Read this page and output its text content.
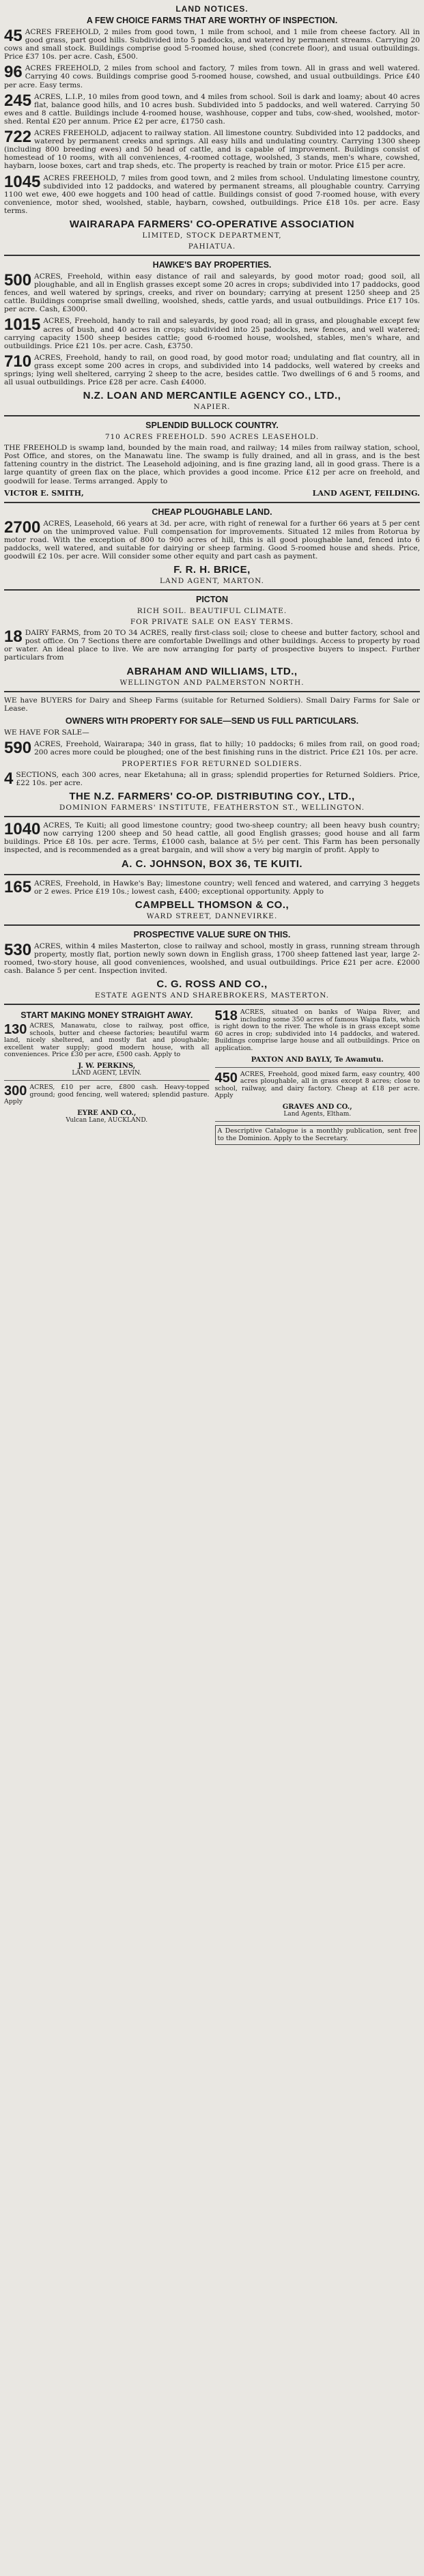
LAND NOTICES.
A FEW CHOICE FARMS THAT ARE WORTHY OF INSPECTION.

45 ACRES FREEHOLD, 2 miles from good town, 1 mile from school, and 1 mile from cheese factory. All in good grass, part good hills. Subdivided into 5 paddocks, and watered by permanent streams. Carrying 20 cows and small stock. Buildings comprise good 5-roomed house, shed (concrete floor), and usual outbuildings. Price £37 10s. per acre. Cash, £500.

96 ACRES FREEHOLD, 2 miles from school and factory, 7 miles from town. All in grass and well watered. Carrying 40 cows. Buildings comprise good 5-roomed house, cowshed, and usual outbuildings. Price £40 per acre. Easy terms.

245 ACRES, L.I.P., 10 miles from good town, and 4 miles from school. Soil is dark and loamy; about 40 acres flat, balance good hills, and 10 acres bush. Subdivided into 5 paddocks, and well watered. Carrying 50 ewes and 8 cattle. Buildings include 4-roomed house, washhouse, copper and tubs, cow-shed, woolshed, motor-shed. Rental £20 per annum. Price £2 per acre, £1750 cash.

722 ACRES FREEHOLD, adjacent to railway station. All limestone country. Subdivided into 12 paddocks, and watered by permanent creeks and springs. All easy hills and undulating country. Carrying 1300 sheep (including 800 breeding ewes) and 50 head of cattle, and is capable of improvement. Buildings consist of homestead of 10 rooms, with all conveniences, 4-roomed cottage, woolshed, 3 stands, men's whare, cowshed, haybarn, loose boxes, cart and trap sheds, etc. The property is reached by train or motor. Price £15 per acre.

1045 ACRES FREEHOLD, 7 miles from good town, and 2 miles from school. Undulating limestone country, subdivided into 12 paddocks, and watered by permanent streams, all ploughable country. Carrying 1100 wet ewe, 400 ewe hoggets and 100 head of cattle. Buildings consist of good 7-roomed house, with every convenience, motor shed, woolshed, stable, haybarn, cowshed, outbuildings. Price £18 10s. per acre. Easy terms.

WAIRARAPA FARMERS' CO-OPERATIVE ASSOCIATION
LIMITED, STOCK DEPARTMENT,
PAHIATUA.
HAWKE'S BAY PROPERTIES.

500 ACRES, Freehold, within easy distance of rail and saleyards, by good motor road; good soil, all ploughable, and all in English grasses except some 20 acres in crops; subdivided into 17 paddocks, good fences, and well watered by springs, creeks, and river on boundary; carrying at present 1250 sheep and 25 cattle. Buildings comprise small dwelling, woolshed, sheds, cattle yards, and usual outbuildings. Price £17 10s. per acre. Cash, £3000.

1015 ACRES, Freehold, handy to rail and saleyards, by good road; all in grass, and ploughable except few acres of bush, and 40 acres in crops; subdivided into 25 paddocks, new fences, and well watered; carrying capacity 1500 sheep besides cattle; good 6-roomed house, woolshed, stables, men's whare, and outbuildings. Price £21 10s. per acre. Cash, £3750.

710 ACRES, Freehold, handy to rail, on good road, by good motor road; undulating and flat country, all in grass except some 200 acres in crops, and subdivided into 14 paddocks, well watered by creeks and springs; lying well sheltered, carrying 2 sheep to the acre, besides cattle. Two dwellings of 6 and 5 rooms, and all usual outbuildings. Price £28 per acre. Cash £4000.

N.Z. LOAN AND MERCANTILE AGENCY CO., LTD.,
NAPIER.
SPLENDID BULLOCK COUNTRY.
710 ACRES FREEHOLD. 590 ACRES LEASEHOLD.

THE FREEHOLD is swamp land, bounded by the main road, and railway; 14 miles from railway station, school, Post Office, and stores, on the Manawatu line. The swamp is fully drained, and all in grass, and is the best fattening country in the district. The Leasehold adjoining, and is fine grazing land, all in good grass. There is a large quantity of green flax on the place, which provides a good income. Price £12 per acre on freehold, and goodwill for lease. Terms arranged. Apply to

VICTOR E. SMITH,	LAND AGENT, FEILDING.
CHEAP PLOUGHABLE LAND.

2700 ACRES, Leasehold, 66 years at 3d. per acre, with right of renewal for a further 66 years at 5 per cent on the unimproved value. Full compensation for improvements. Situated 12 miles from Rotorua by motor road. With the exception of 800 to 900 acres of hill, this is all good ploughable land, fenced into 6 paddocks, well watered, and suitable for dairying or sheep farming. Good 5-roomed house and sheds. Price, goodwill £2 10s. per acre. Will consider some other equity and part cash as payment.

F. R. H. BRICE,
LAND AGENT, MARTON.
PICTON
RICH SOIL. BEAUTIFUL CLIMATE.
FOR PRIVATE SALE ON EASY TERMS.

18 DAIRY FARMS, from 20 TO 34 ACRES, really first-class soil; close to cheese and butter factory, school and post office. On 7 Sections there are comfortable Dwellings and other buildings. Access to property by road or water. An ideal place to live. We are now arranging for party of prospective buyers to inspect. Further particulars from

ABRAHAM AND WILLIAMS, LTD.,
WELLINGTON AND PALMERSTON NORTH.

WE have BUYERS for Dairy and Sheep Farms (suitable for Returned Soldiers). Small Dairy Farms for Sale or Lease.

OWNERS WITH PROPERTY FOR SALE—SEND US FULL PARTICULARS.

WE HAVE FOR SALE—

590 ACRES, Freehold, Wairarapa; 340 in grass, flat to hilly; 10 paddocks; 6 miles from rail, on good road; 200 acres more could be ploughed; one of the best finishing runs in the district. Price £21 10s. per acre.

PROPERTIES FOR RETURNED SOLDIERS.

4 SECTIONS, each 300 acres, near Eketahuna; all in grass; splendid properties for Returned Soldiers. Price, £22 10s. per acre.

THE N.Z. FARMERS' CO-OP. DISTRIBUTING COY., LTD.,
DOMINION FARMERS' INSTITUTE, FEATHERSTON ST., WELLINGTON.

1040 ACRES, Te Kuiti; all good limestone country; good two-sheep country; all been heavy bush country; now carrying 1200 sheep and 50 head cattle, all good English grasses; good house and all farm buildings. Price £8 10s. per acre. Terms, £1000 cash, balance at 5½ per cent. This Farm has been personally inspected, and is recommended as a great bargain, and will show a very big margin of profit. Apply to

A. C. JOHNSON, BOX 36, TE KUITI.

165 ACRES, Freehold, in Hawke's Bay; limestone country; well fenced and watered, and carrying 3 heggets or 2 ewes. Price £19 10s.; lowest cash, £400; exceptional opportunity. Apply to

CAMPBELL THOMSON & CO.,
WARD STREET, DANNEVIRKE.
PROSPECTIVE VALUE SURE ON THIS.

530 ACRES, within 4 miles Masterton, close to railway and school, mostly in grass, running stream through property, mostly flat, portion newly sown down in English grass, 1700 sheep fattened last year, large 2-roomed, two-story house, all good conveniences, woolshed, and usual outbuildings. Price £21 per acre. £2000 cash. Balance 5 per cent. Inspection invited.

C. G. ROSS AND CO.,
ESTATE AGENTS AND SHAREBROKERS, MASTERTON.
START MAKING MONEY STRAIGHT AWAY.

130 ACRES, Manawatu, close to railway, post office, schools, butter and cheese factories; beautiful warm land, nicely sheltered, and mostly flat and ploughable; excellent water supply; good modern house, with all conveniences. Price £30 per acre, £500 cash. Apply to

J. W. PERKINS,
LAND AGENT, LEVIN.

300 ACRES, £10 per acre, £800 cash. Heavy-topped ground; good fencing, well watered; splendid pasture. Apply

EYRE AND CO.,
Vulcan Lane, AUCKLAND.

518 ACRES, situated on banks of Waipa River, and including some 350 acres of famous Waipa flats, which is right down to the river. The whole is in grass except some 60 acres in crop; subdivided into 14 paddocks, and watered. Buildings comprise large house and all outbuildings. Price on application.

PAXTON AND BAYLY, Te Awamutu.

450 ACRES, Freehold, good mixed farm, easy country, 400 acres ploughable, all in grass except 8 acres; close to school, railway, and dairy factory. Cheap at £18 per acre. Apply

GRAVES AND CO.,
Land Agents, Eltham.

A Descriptive Catalogue is a monthly publication, sent free to the Dominion. Apply to the Secretary.
